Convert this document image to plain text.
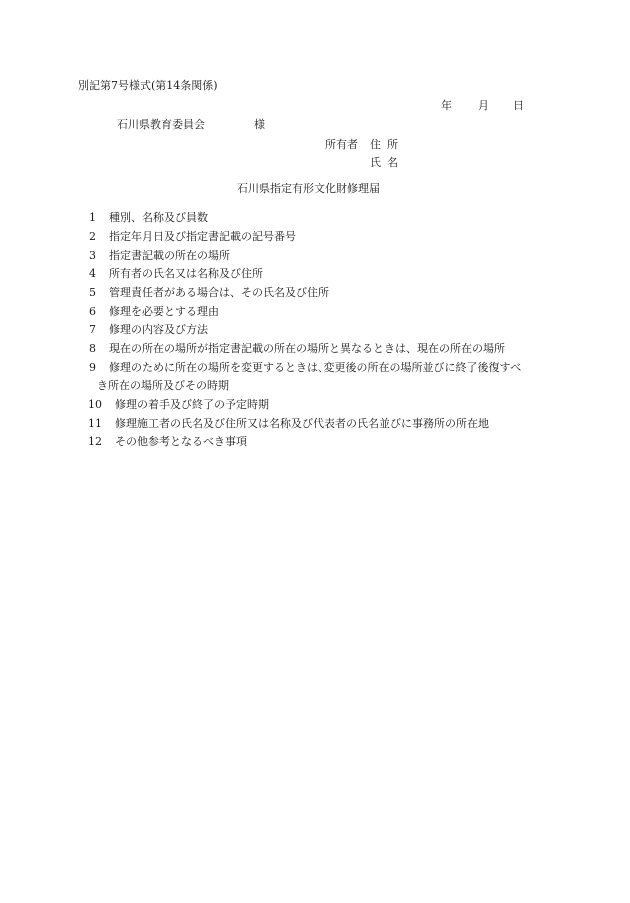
別記第7号様式(第14条関係)
年 月 日
石川県教育委員会	様
所有者 住所
氏名
石川県指定有形文化財修理届
1 種別、名称及び員数
2 指定年月日及び指定書記載の記号番号
3 指定書記載の所在の場所
4 所有者の氏名又は名称及び住所
5 管理責任者がある場合は、その氏名及び住所
6 修理を必要とする理由
7 修理の内容及び方法
8 現在の所在の場所が指定書記載の所在の場所と異なるときは、現在の所在の場所
9 修理のために所在の場所を変更するときは､変更後の所在の場所並びに終了後復すべ
き所在の場所及びその時期
10 修理の着手及び終了の予定時期
11 修理施工者の氏名及び住所又は名称及び代表者の氏名並びに事務所の所在地
12 その他参考となるべき事項
